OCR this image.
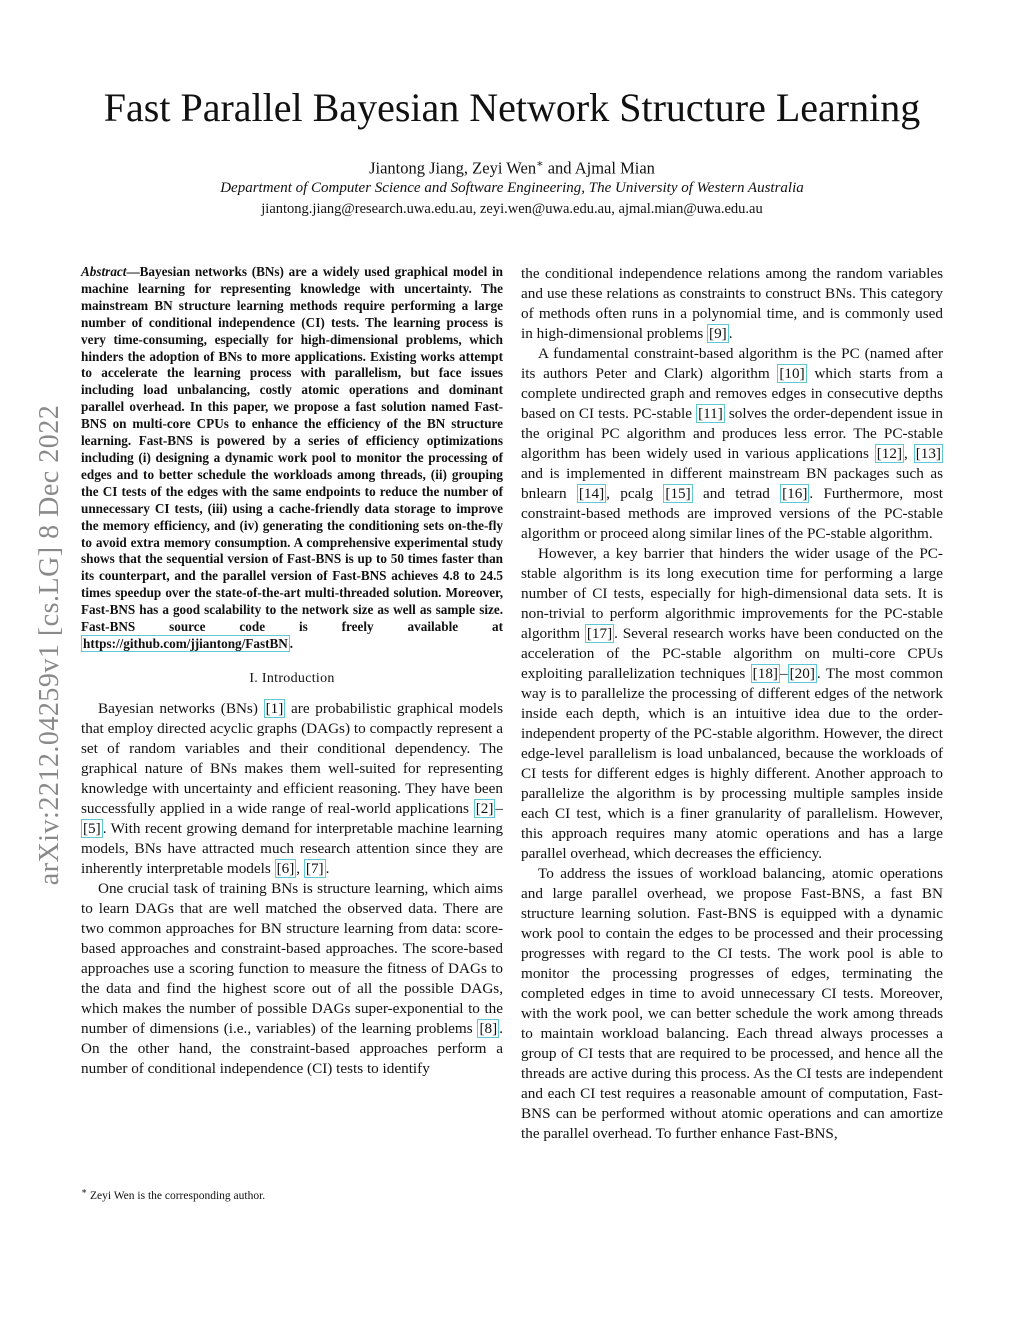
arXiv:2212.04259v1 [cs.LG] 8 Dec 2022
Fast Parallel Bayesian Network Structure Learning
Jiantong Jiang, Zeyi Wen∗ and Ajmal Mian
Department of Computer Science and Software Engineering, The University of Western Australia
jiantong.jiang@research.uwa.edu.au, zeyi.wen@uwa.edu.au, ajmal.mian@uwa.edu.au

Abstract—Bayesian networks (BNs) are a widely used graphical model in machine learning for representing knowledge with uncertainty. The mainstream BN structure learning methods require performing a large number of conditional independence (CI) tests. The learning process is very time-consuming, especially for high-dimensional problems, which hinders the adoption of BNs to more applications. Existing works attempt to accelerate the learning process with parallelism, but face issues including load unbalancing, costly atomic operations and dominant parallel overhead. In this paper, we propose a fast solution named Fast-BNS on multi-core CPUs to enhance the efficiency of the BN structure learning. Fast-BNS is powered by a series of efficiency optimizations including (i) designing a dynamic work pool to monitor the processing of edges and to better schedule the workloads among threads, (ii) grouping the CI tests of the edges with the same endpoints to reduce the number of unnecessary CI tests, (iii) using a cache-friendly data storage to improve the memory efficiency, and (iv) generating the conditioning sets on-the-fly to avoid extra memory consumption. A comprehensive experimental study shows that the sequential version of Fast-BNS is up to 50 times faster than its counterpart, and the parallel version of Fast-BNS achieves 4.8 to 24.5 times speedup over the state-of-the-art multi-threaded solution. Moreover, Fast-BNS has a good scalability to the network size as well as sample size. Fast-BNS source code is freely available at https://github.com/jjiantong/FastBN .

I. Introduction

Bayesian networks (BNs) [1] are probabilistic graphical models that employ directed acyclic graphs (DAGs) to compactly represent a set of random variables and their conditional dependency. The graphical nature of BNs makes them well-suited for representing knowledge with uncertainty and efficient reasoning. They have been successfully applied in a wide range of real-world applications [2] –[5] . With recent growing demand for interpretable machine learning models, BNs have attracted much research attention since they are inherently interpretable models [6] , [7] .

One crucial task of training BNs is structure learning, which aims to learn DAGs that are well matched the observed data. There are two common approaches for BN structure learning from data: score-based approaches and constraint-based approaches. The score-based approaches use a scoring function to measure the fitness of DAGs to the data and find the highest score out of all the possible DAGs, which makes the number of possible DAGs super-exponential to the number of dimensions (i.e., variables) of the learning problems [8] . On the other hand, the constraint-based approaches perform a number of conditional independence (CI) tests to identify

∗ Zeyi Wen is the corresponding author.

the conditional independence relations among the random variables and use these relations as constraints to construct BNs. This category of methods often runs in a polynomial time, and is commonly used in high-dimensional problems [9] .

A fundamental constraint-based algorithm is the PC (named after its authors Peter and Clark) algorithm [10] which starts from a complete undirected graph and removes edges in consecutive depths based on CI tests. PC-stable [11] solves the order-dependent issue in the original PC algorithm and produces less error. The PC-stable algorithm has been widely used in various applications [12] , [13] and is implemented in different mainstream BN packages such as bnlearn [14] , pcalg [15] and tetrad [16] . Furthermore, most constraint-based methods are improved versions of the PC-stable algorithm or proceed along similar lines of the PC-stable algorithm.

However, a key barrier that hinders the wider usage of the PC-stable algorithm is its long execution time for performing a large number of CI tests, especially for high-dimensional data sets. It is non-trivial to perform algorithmic improvements for the PC-stable algorithm [17] . Several research works have been conducted on the acceleration of the PC-stable algorithm on multi-core CPUs exploiting parallelization techniques [18] – [20] . The most common way is to parallelize the processing of different edges of the network inside each depth, which is an intuitive idea due to the order-independent property of the PC-stable algorithm. However, the direct edge-level parallelism is load unbalanced, because the workloads of CI tests for different edges is highly different. Another approach to parallelize the algorithm is by processing multiple samples inside each CI test, which is a finer granularity of parallelism. However, this approach requires many atomic operations and has a large parallel overhead, which decreases the efficiency.

To address the issues of workload balancing, atomic operations and large parallel overhead, we propose Fast-BNS, a fast BN structure learning solution. Fast-BNS is equipped with a dynamic work pool to contain the edges to be processed and their processing progresses with regard to the CI tests. The work pool is able to monitor the processing progresses of edges, terminating the completed edges in time to avoid unnecessary CI tests. Moreover, with the work pool, we can better schedule the work among threads to maintain workload balancing. Each thread always processes a group of CI tests that are required to be processed, and hence all the threads are active during this process. As the CI tests are independent and each CI test requires a reasonable amount of computation, Fast-BNS can be performed without atomic operations and can amortize the parallel overhead. To further enhance Fast-BNS,
